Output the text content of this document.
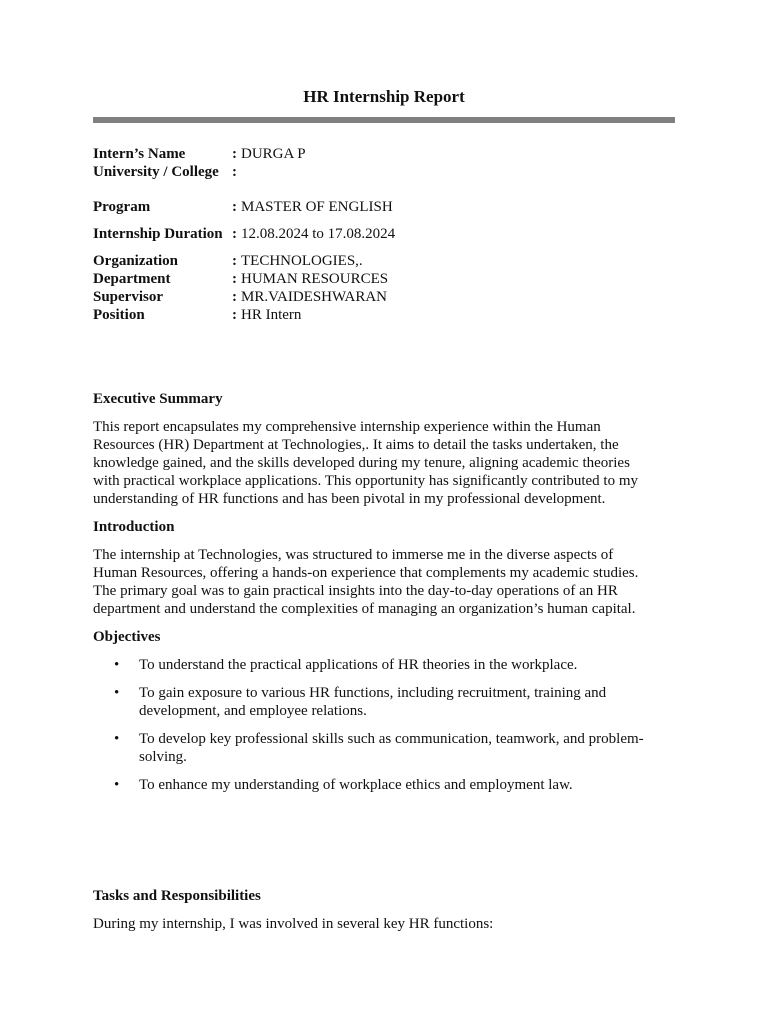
HR Internship Report
Intern’s Name	: DURGA P
University / College :
Program	: MASTER OF ENGLISH
Internship Duration : 12.08.2024 to 17.08.2024
Organization	: TECHNOLOGIES,.
Department	: HUMAN RESOURCES
Supervisor	: MR.VAIDESHWARAN
Position	: HR Intern
Executive Summary
This report encapsulates my comprehensive internship experience within the Human
Resources (HR) Department at Technologies,. It aims to detail the tasks undertaken, the
knowledge gained, and the skills developed during my tenure, aligning academic theories
with practical workplace applications. This opportunity has significantly contributed to my
understanding of HR functions and has been pivotal in my professional development.
Introduction
The internship at Technologies, was structured to immerse me in the diverse aspects of
Human Resources, offering a hands-on experience that complements my academic studies.
The primary goal was to gain practical insights into the day-to-day operations of an HR
department and understand the complexities of managing an organization’s human capital.
Objectives
• To understand the practical applications of HR theories in the workplace.
• To gain exposure to various HR functions, including recruitment, training and
development, and employee relations.
• To develop key professional skills such as communication, teamwork, and problem-
solving.
• To enhance my understanding of workplace ethics and employment law.
Tasks and Responsibilities
During my internship, I was involved in several key HR functions:
